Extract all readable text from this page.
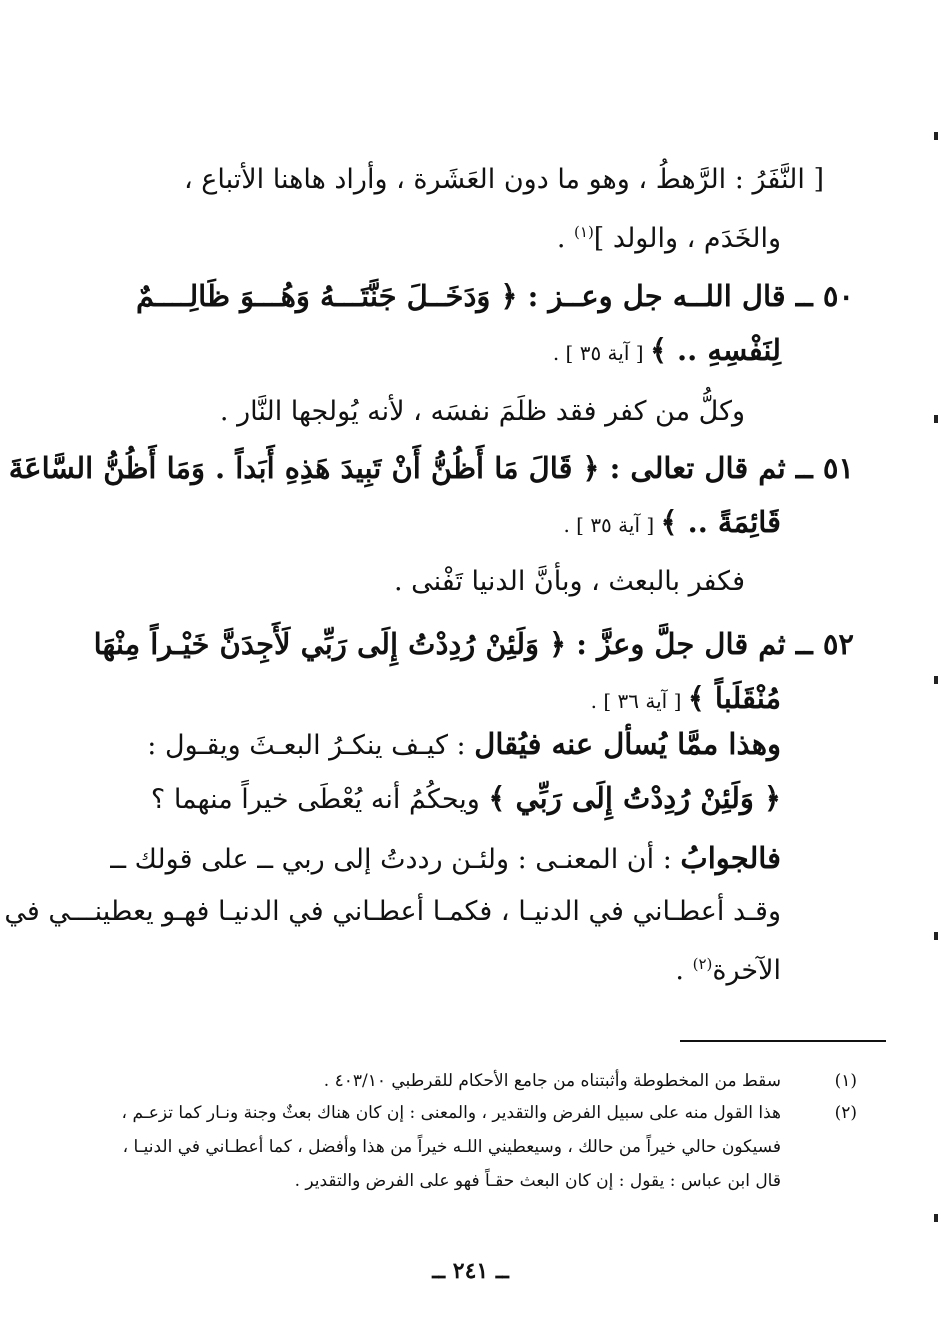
[ النَّفَرُ : الرَّهطُ ، وهو ما دون العَشَرة ، وأراد هاهنا الأتباع ،
والخَدَم ، والولد ]$^{(١)}$ .
٥٠ ــ قال اللــه جل وعــز : ﴿ وَدَخَــلَ جَنَّتَـــهُ وَهُـــوَ ظَالِــــمٌ
لِنَفْسِهِ .. ﴾ [ آية ٣٥ ] .
وكلُّ من كفر فقد ظلَمَ نفسَه ، لأنه يُولجها النَّار .
٥١ ــ ثم قال تعالى : ﴿ قَالَ مَا أَظُنُّ أَنْ تَبِيدَ هَذِهِ أَبَداً . وَمَا أَظُنُّ السَّاعَةَ
قَائِمَةً .. ﴾ [ آية ٣٥ ] .
فكفر بالبعث ، وبأنَّ الدنيا تَفْنى .
٥٢ ــ ثم قال جلَّ وعزَّ : ﴿ وَلَئِنْ رُدِدْتُ إِلَى رَبِّي لَأَجِدَنَّ خَيْـراً مِنْهَا
مُنْقَلَباً ﴾ [ آية ٣٦ ] .
وهذا ممَّا يُسأل عنه فيُقال : كيـف ينكـرُ البعـثَ ويقـول :
﴿ وَلَئِنْ رُدِدْتُ إِلَى رَبِّي ﴾ ويحكُمُ أنه يُعْطَى خيراً منهما ؟
فالجوابُ : أن المعنـى : ولئـن رددتُ إلى ربي ــ على قولك ــ
وقـد أعطـاني في الدنيـا ، فكمـا أعطـاني في الدنيـا فهـو يعطينـــي في
الآخرة$^{(٢)}$ .
(١)
سقط من المخطوطة وأثبتناه من جامع الأحكام للقرطبي ٤٠٣/١٠ .
(٢)
هذا القول منه على سبيل الفرض والتقدير ، والمعنى : إن كان هناك بعثٌ وجنة ونـار كما تزعـم ،
فسيكون حالي خيراً من حالك ، وسيعطيني اللـه خيراً من هذا وأفضل ، كما أعطـاني في الدنيـا ،
قال ابن عباس : يقول : إن كان البعث حقـاً فهو على الفرض والتقدير .
ــ ٢٤١ ــ
